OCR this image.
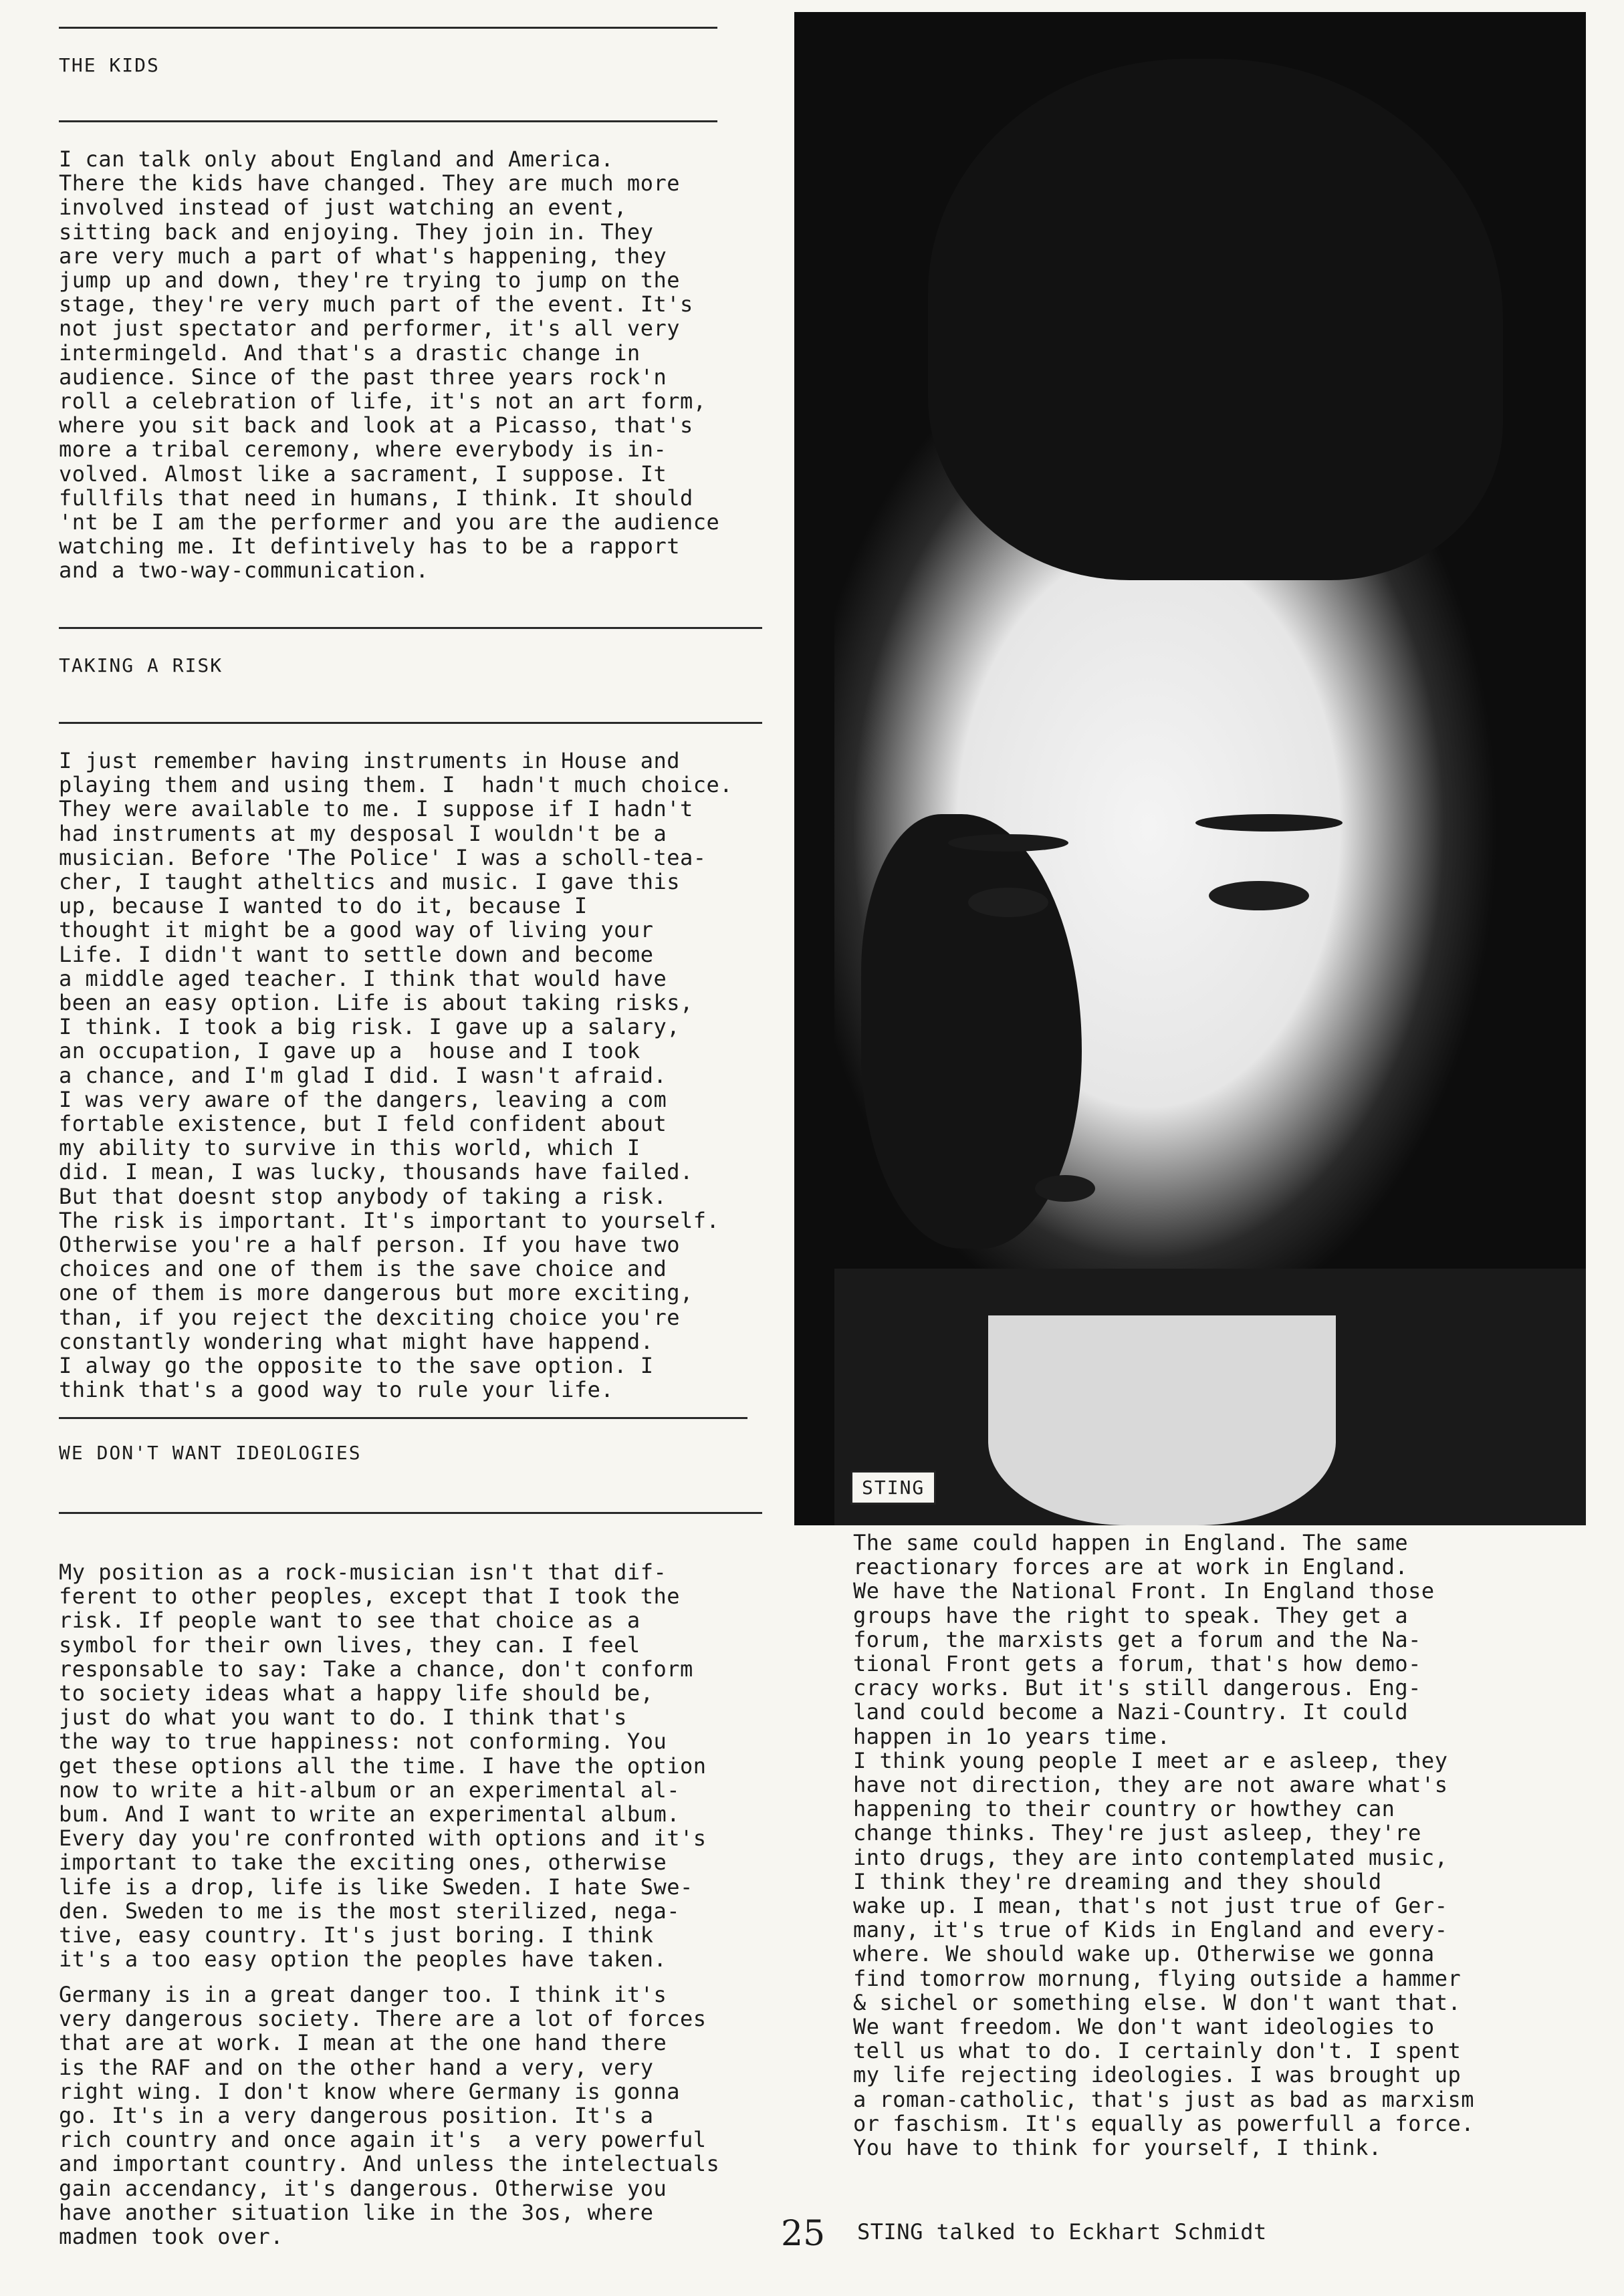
THE KIDS
I can talk only about England and America.
There the kids have changed. They are much more
involved instead of just watching an event,
sitting back and enjoying. They join in. They
are very much a part of what's happening, they
jump up and down, they're trying to jump on the
stage, they're very much part of the event. It's
not just spectator and performer, it's all very
intermingeld. And that's a drastic change in
audience. Since of the past three years rock'n
roll a celebration of life, it's not an art form,
where you sit back and look at a Picasso, that's
more a tribal ceremony, where everybody is in-
volved. Almost like a sacrament, I suppose. It
fullfils that need in humans, I think. It should
'nt be I am the performer and you are the audience
watching me. It defintively has to be a rapport
and a two-way-communication.
TAKING A RISK
I just remember having instruments in House and
playing them and using them. I  hadn't much choice.
They were available to me. I suppose if I hadn't
had instruments at my desposal I wouldn't be a
musician. Before 'The Police' I was a scholl-tea-
cher, I taught atheltics and music. I gave this
up, because I wanted to do it, because I
thought it might be a good way of living your
Life. I didn't want to settle down and become
a middle aged teacher. I think that would have
been an easy option. Life is about taking risks,
I think. I took a big risk. I gave up a salary,
an occupation, I gave up a  house and I took
a chance, and I'm glad I did. I wasn't afraid.
I was very aware of the dangers, leaving a com
fortable existence, but I feld confident about
my ability to survive in this world, which I
did. I mean, I was lucky, thousands have failed.
But that doesnt stop anybody of taking a risk.
The risk is important. It's important to yourself.
Otherwise you're a half person. If you have two
choices and one of them is the save choice and
one of them is more dangerous but more exciting,
than, if you reject the dexciting choice you're
constantly wondering what might have happend.
I alway go the opposite to the save option. I
think that's a good way to rule your life.
WE DON'T WANT IDEOLOGIES
My position as a rock-musician isn't that dif-
ferent to other peoples, except that I took the
risk. If people want to see that choice as a
symbol for their own lives, they can. I feel
responsable to say: Take a chance, don't conform
to society ideas what a happy life should be,
just do what you want to do. I think that's
the way to true happiness: not conforming. You
get these options all the time. I have the option
now to write a hit-album or an experimental al-
bum. And I want to write an experimental album.
Every day you're confronted with options and it's
important to take the exciting ones, otherwise
life is a drop, life is like Sweden. I hate Swe-
den. Sweden to me is the most sterilized, nega-
tive, easy country. It's just boring. I think
it's a too easy option the peoples have taken.
Germany is in a great danger too. I think it's
very dangerous society. There are a lot of forces
that are at work. I mean at the one hand there
is the RAF and on the other hand a very, very
right wing. I don't know where Germany is gonna
go. It's in a very dangerous position. It's a
rich country and once again it's  a very powerful
and important country. And unless the intelectuals
gain accendancy, it's dangerous. Otherwise you
have another situation like in the 3os, where
madmen took over.
STING
The same could happen in England. The same
reactionary forces are at work in England.
We have the National Front. In England those
groups have the right to speak. They get a
forum, the marxists get a forum and the Na-
tional Front gets a forum, that's how demo-
cracy works. But it's still dangerous. Eng-
land could become a Nazi-Country. It could
happen in 1o years time.
I think young people I meet ar e asleep, they
have not direction, they are not aware what's
happening to their country or howthey can
change thinks. They're just asleep, they're
into drugs, they are into contemplated music,
I think they're dreaming and they should
wake up. I mean, that's not just true of Ger-
many, it's true of Kids in England and every-
where. We should wake up. Otherwise we gonna
find tomorrow mornung, flying outside a hammer
& sichel or something else. W don't want that.
We want freedom. We don't want ideologies to
tell us what to do. I certainly don't. I spent
my life rejecting ideologies. I was brought up
a roman-catholic, that's just as bad as marxism
or faschism. It's equally as powerfull a force.
You have to think for yourself, I think.
25 STING talked to Eckhart Schmidt
